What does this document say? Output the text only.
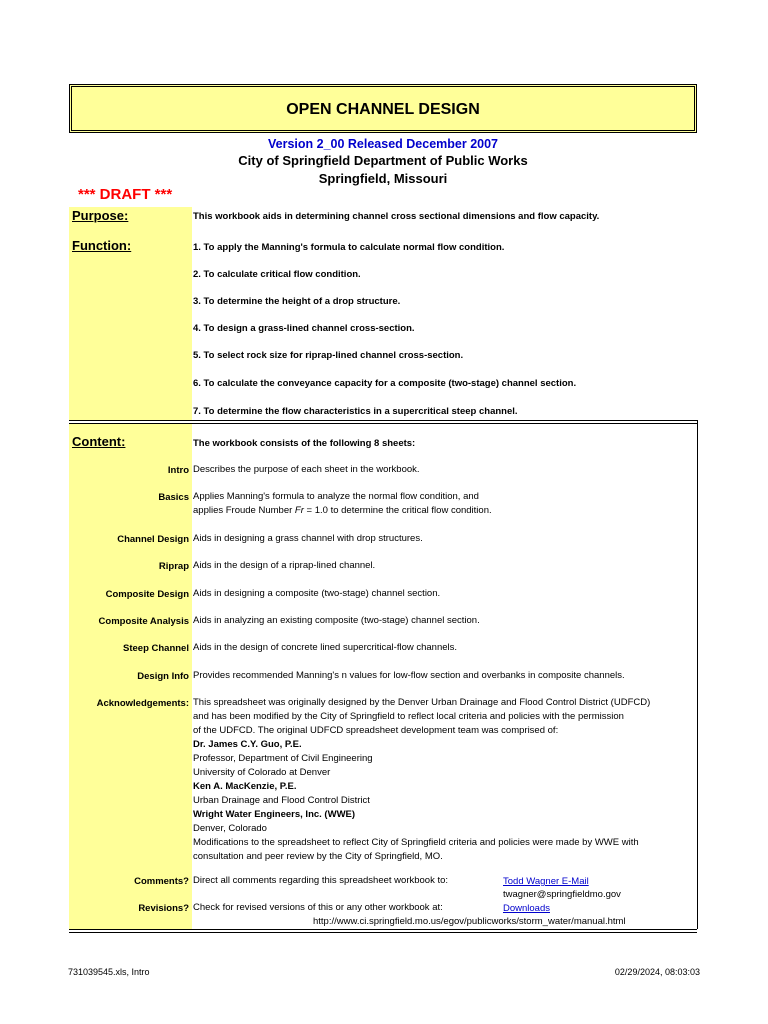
OPEN CHANNEL DESIGN
Version 2_00 Released December 2007
City of Springfield Department of Public Works
Springfield, Missouri
*** DRAFT ***
Purpose:	This workbook aids in determining channel cross sectional dimensions and flow capacity.
Function:	1. To apply the Manning's formula to calculate normal flow condition.
2. To calculate critical flow condition.
3. To determine the height of a drop structure.
4. To design a grass-lined channel cross-section.
5. To select rock size for riprap-lined channel cross-section.
6. To calculate the conveyance capacity for a composite (two-stage) channel section.
7. To determine the flow characteristics in a supercritical steep channel.
Content:	The workbook consists of the following 8 sheets:
Intro Describes the purpose of each sheet in the workbook.
Basics Applies Manning's formula to analyze the normal flow condition, and
applies Froude Number Fr = 1.0 to determine the critical flow condition.
Channel Design Aids in designing a grass channel with drop structures.
Riprap Aids in the design of a riprap-lined channel.
Composite Design Aids in designing a composite (two-stage) channel section.
Composite Analysis Aids in analyzing an existing composite (two-stage) channel section.
Steep Channel Aids in the design of concrete lined supercritical-flow channels.
Design Info Provides recommended Manning's n values for low-flow section and overbanks in composite channels.
Acknowledgements: This spreadsheet was originally designed by the Denver Urban Drainage and Flood Control District (UDFCD)
and has been modified by the City of Springfield to reflect local criteria and policies with the permission
of the UDFCD. The original UDFCD spreadsheet development team was comprised of:
Dr. James C.Y. Guo, P.E.
Professor, Department of Civil Engineering
University of Colorado at Denver
Ken A. MacKenzie, P.E.
Urban Drainage and Flood Control District
Wright Water Engineers, Inc. (WWE)
Denver, Colorado
Modifications to the spreadsheet to reflect City of Springfield criteria and policies were made by WWE with
consultation and peer review by the City of Springfield, MO.
Comments? Direct all comments regarding this spreadsheet workbook to:	Todd Wagner E-Mail
twagner@springfieldmo.gov
Revisions? Check for revised versions of this or any other workbook at:	Downloads
http://www.ci.springfield.mo.us/egov/publicworks/storm_water/manual.html
731039545.xls, Intro	02/29/2024, 08:03:03
